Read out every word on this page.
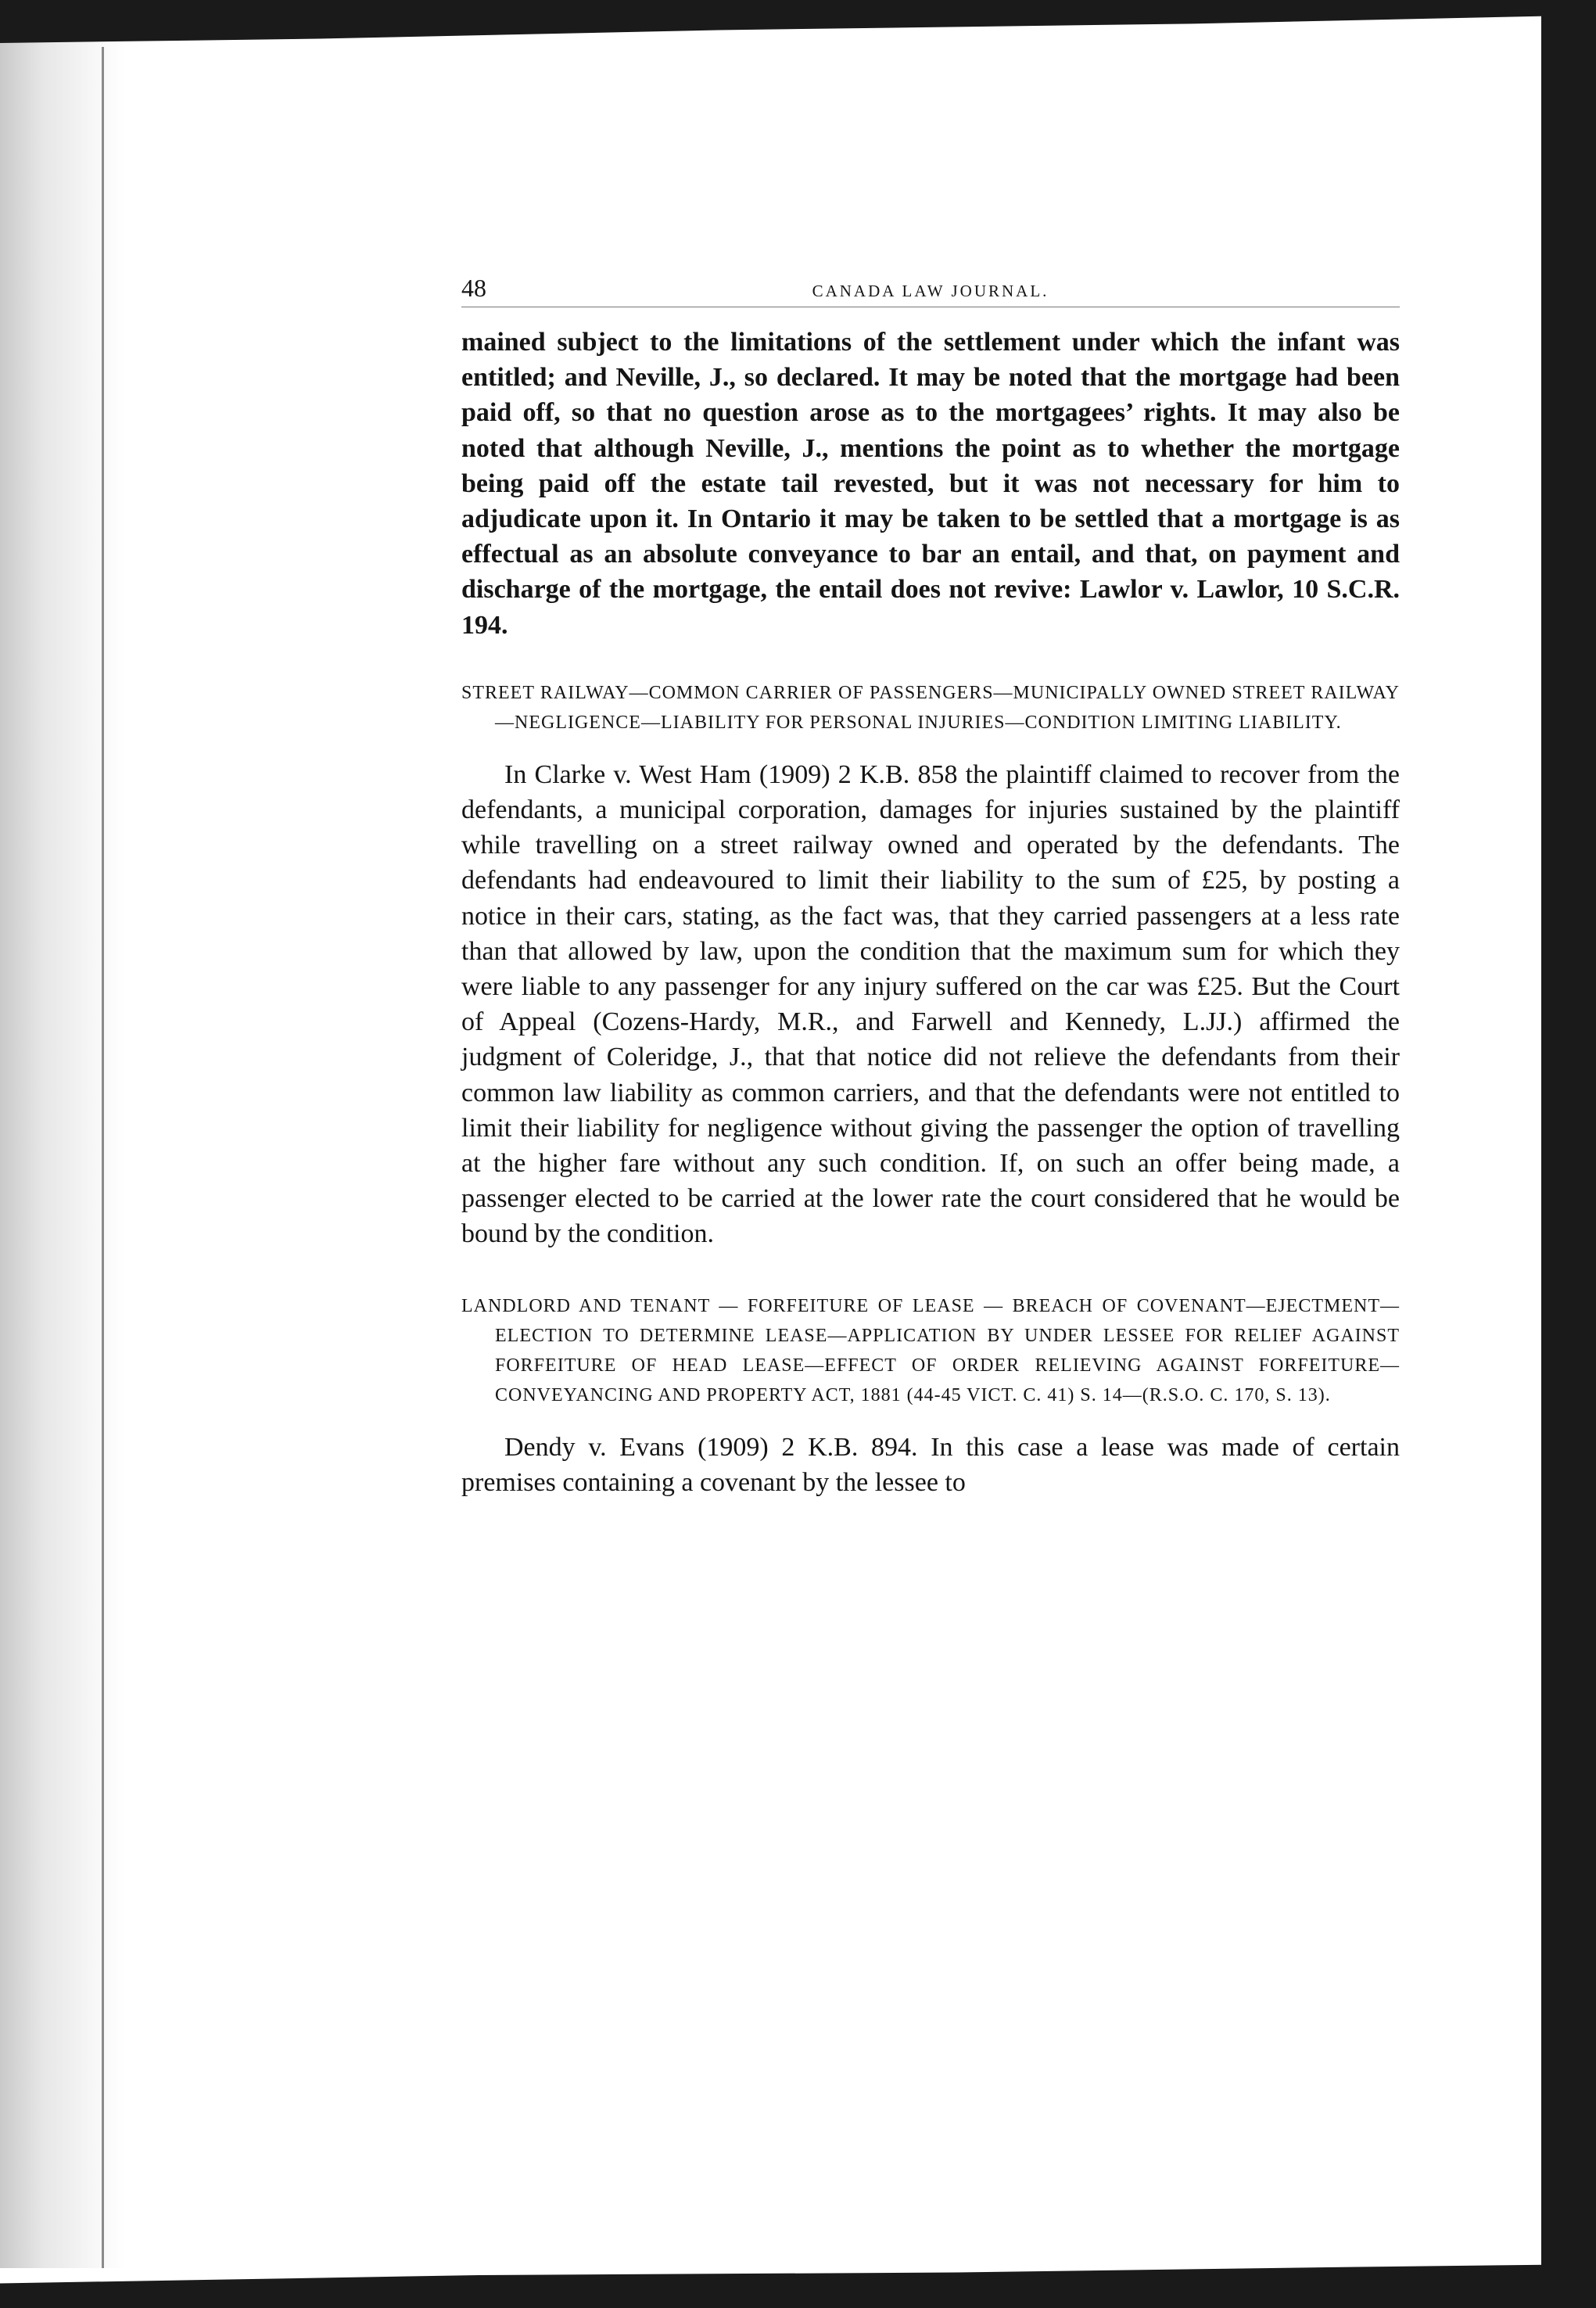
48	CANADA LAW JOURNAL.

mained subject to the limitations of the settlement under which the infant was entitled; and Neville, J., so declared. It may be noted that the mortgage had been paid off, so that no question arose as to the mortgagees’ rights. It may also be noted that although Neville, J., mentions the point as to whether the mortgage being paid off the estate tail revested, but it was not necessary for him to adjudicate upon it. In Ontario it may be taken to be settled that a mortgage is as effectual as an absolute conveyance to bar an entail, and that, on payment and discharge of the mortgage, the entail does not revive: Lawlor v. Lawlor, 10 S.C.R. 194.

STREET RAILWAY—COMMON CARRIER OF PASSENGERS—MUNICIPALLY OWNED STREET RAILWAY—NEGLIGENCE—LIABILITY FOR PERSONAL INJURIES—CONDITION LIMITING LIABILITY.

In Clarke v. West Ham (1909) 2 K.B. 858 the plaintiff claimed to recover from the defendants, a municipal corporation, damages for injuries sustained by the plaintiff while travelling on a street railway owned and operated by the defendants. The defendants had endeavoured to limit their liability to the sum of £25, by posting a notice in their cars, stating, as the fact was, that they carried passengers at a less rate than that allowed by law, upon the condition that the maximum sum for which they were liable to any passenger for any injury suffered on the car was £25. But the Court of Appeal (Cozens-Hardy, M.R., and Farwell and Kennedy, L.JJ.) affirmed the judgment of Coleridge, J., that that notice did not relieve the defendants from their common law liability as common carriers, and that the defendants were not entitled to limit their liability for negligence without giving the passenger the option of travelling at the higher fare without any such condition. If, on such an offer being made, a passenger elected to be carried at the lower rate the court considered that he would be bound by the condition.

LANDLORD AND TENANT — FORFEITURE OF LEASE — BREACH OF COVENANT—EJECTMENT—ELECTION TO DETERMINE LEASE—APPLICATION BY UNDER LESSEE FOR RELIEF AGAINST FORFEITURE OF HEAD LEASE—EFFECT OF ORDER RELIEVING AGAINST FORFEITURE—CONVEYANCING AND PROPERTY ACT, 1881 (44-45 VICT. C. 41) S. 14—(R.S.O. C. 170, S. 13).

Dendy v. Evans (1909) 2 K.B. 894. In this case a lease was made of certain premises containing a covenant by the lessee to
